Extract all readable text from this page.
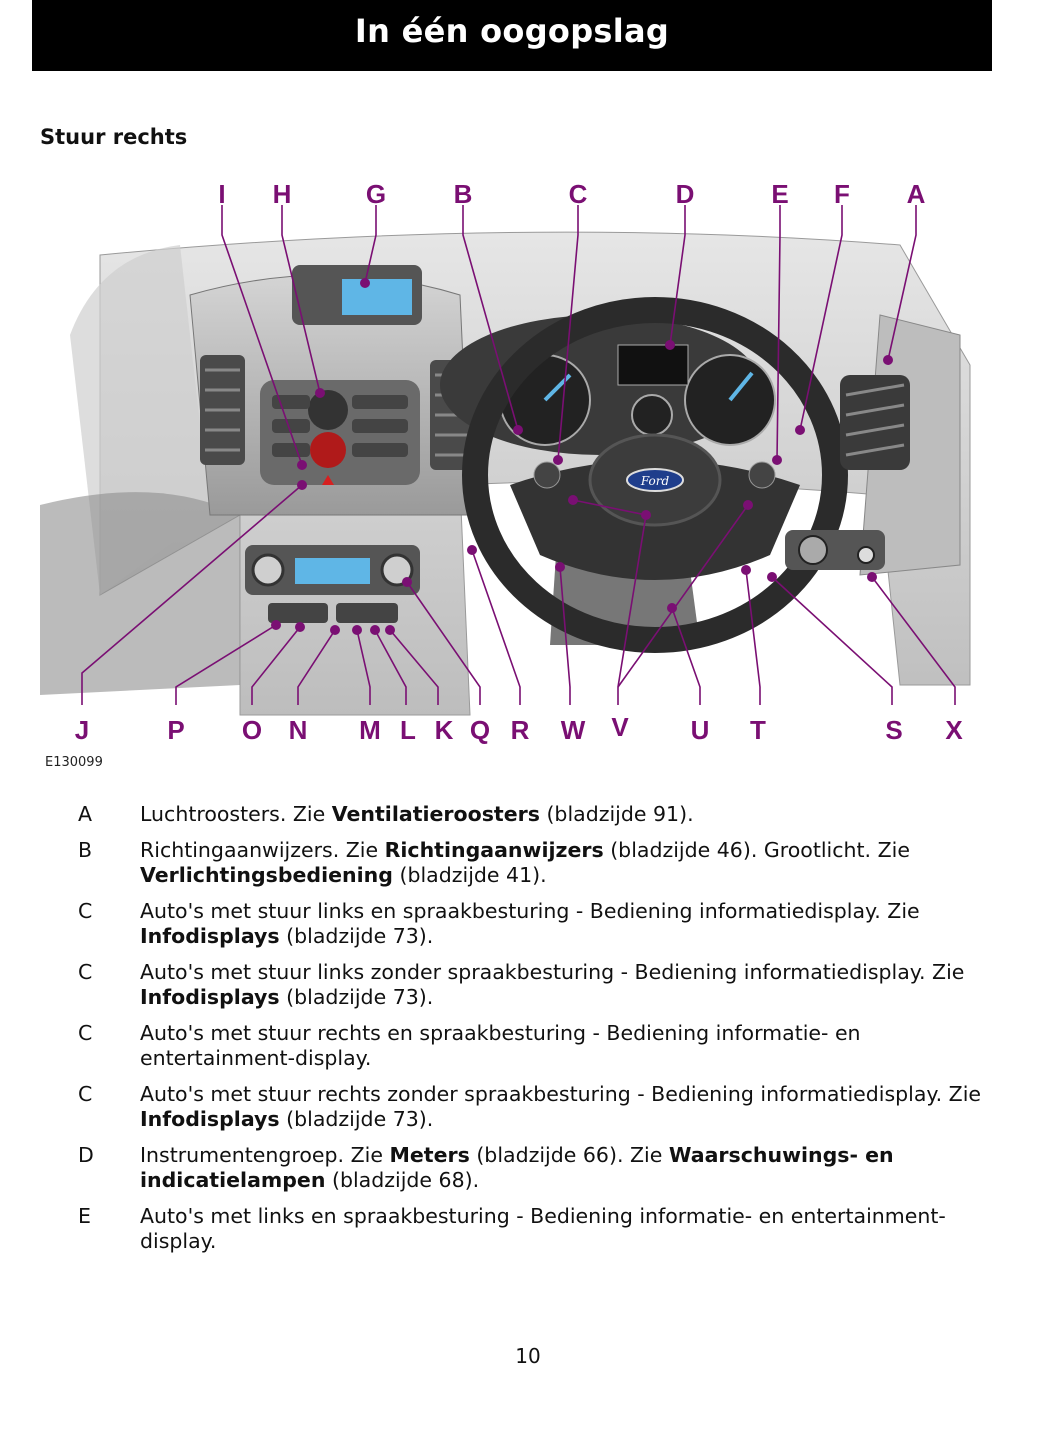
In één oogopslag
Stuur rechts
Ford
I H	G	B	C	D	E F A
J	P O N M L K Q R W V U T	S X
E130099
A	Luchtroosters. Zie Ventilatieroosters (bladzijde 91).
B	Richtingaanwijzers. Zie Richtingaanwijzers (bladzijde 46). Grootlicht. Zie Verlichtingsbediening (bladzijde 41).
C	Auto's met stuur links en spraakbesturing - Bediening informatiedisplay. Zie Infodisplays (bladzijde 73).
C	Auto's met stuur links zonder spraakbesturing - Bediening informatiedisplay. Zie Infodisplays (bladzijde 73).
C	Auto's met stuur rechts en spraakbesturing - Bediening informatie- en entertainment-display.
C	Auto's met stuur rechts zonder spraakbesturing - Bediening informatiedisplay. Zie Infodisplays (bladzijde 73).
D	Instrumentengroep. Zie Meters (bladzijde 66). Zie Waarschuwings- en indicatielampen (bladzijde 68).
E	Auto's met links en spraakbesturing - Bediening informatie- en entertainment-display.
10
